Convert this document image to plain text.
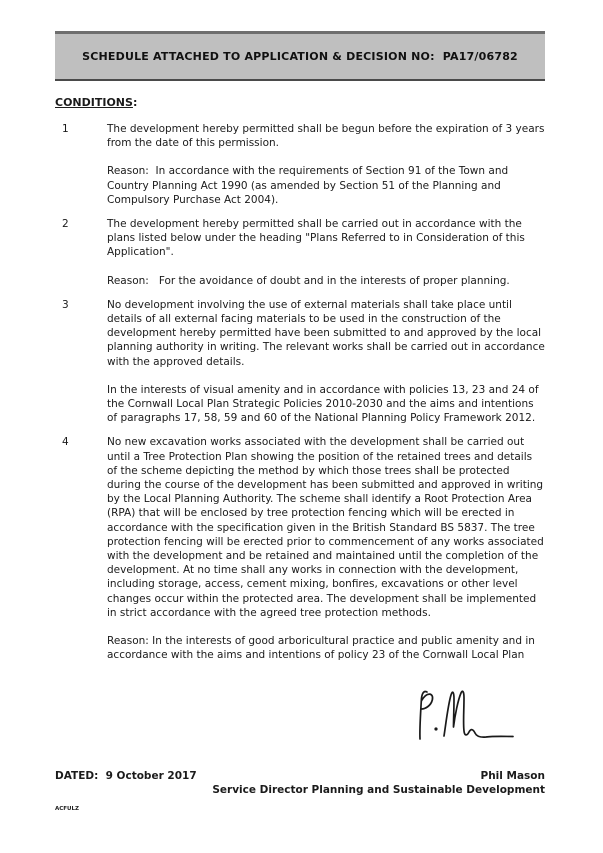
SCHEDULE ATTACHED TO APPLICATION & DECISION NO:  PA17/06782
CONDITIONS:
1	The development hereby permitted shall be begun before the expiration of 3 years from the date of this permission.

Reason:  In accordance with the requirements of Section 91 of the Town and Country Planning Act 1990 (as amended by Section 51 of the Planning and Compulsory Purchase Act 2004).

2	The development hereby permitted shall be carried out in accordance with the plans listed below under the heading "Plans Referred to in Consideration of this Application".

Reason:   For the avoidance of doubt and in the interests of proper planning.

3	No development involving the use of external materials shall take place until details of all external facing materials to be used in the construction of the development hereby permitted have been submitted to and approved by the local planning authority in writing. The relevant works shall be carried out in accordance with the approved details.

In the interests of visual amenity and in accordance with policies 13, 23 and 24 of the Cornwall Local Plan Strategic Policies 2010-2030 and the aims and intentions of paragraphs 17, 58, 59 and 60 of the National Planning Policy Framework 2012.

4	No new excavation works associated with the development shall be carried out until a Tree Protection Plan showing the position of the retained trees and details of the scheme depicting the method by which those trees shall be protected during the course of the development has been submitted and approved in writing by the Local Planning Authority. The scheme shall identify a Root Protection Area (RPA) that will be enclosed by tree protection fencing which will be erected in accordance with the specification given in the British Standard BS 5837. The tree protection fencing will be erected prior to commencement of any works associated with the development and be retained and maintained until the completion of the development. At no time shall any works in connection with the development, including storage, access, cement mixing, bonfires, excavations or other level changes occur within the protected area. The development shall be implemented in strict accordance with the agreed tree protection methods.

Reason: In the interests of good arboricultural practice and public amenity and in accordance with the aims and intentions of policy 23 of the Cornwall Local Plan

DATED:  9 October 2017	Phil Mason
Service Director Planning and Sustainable Development
ACFULZ
